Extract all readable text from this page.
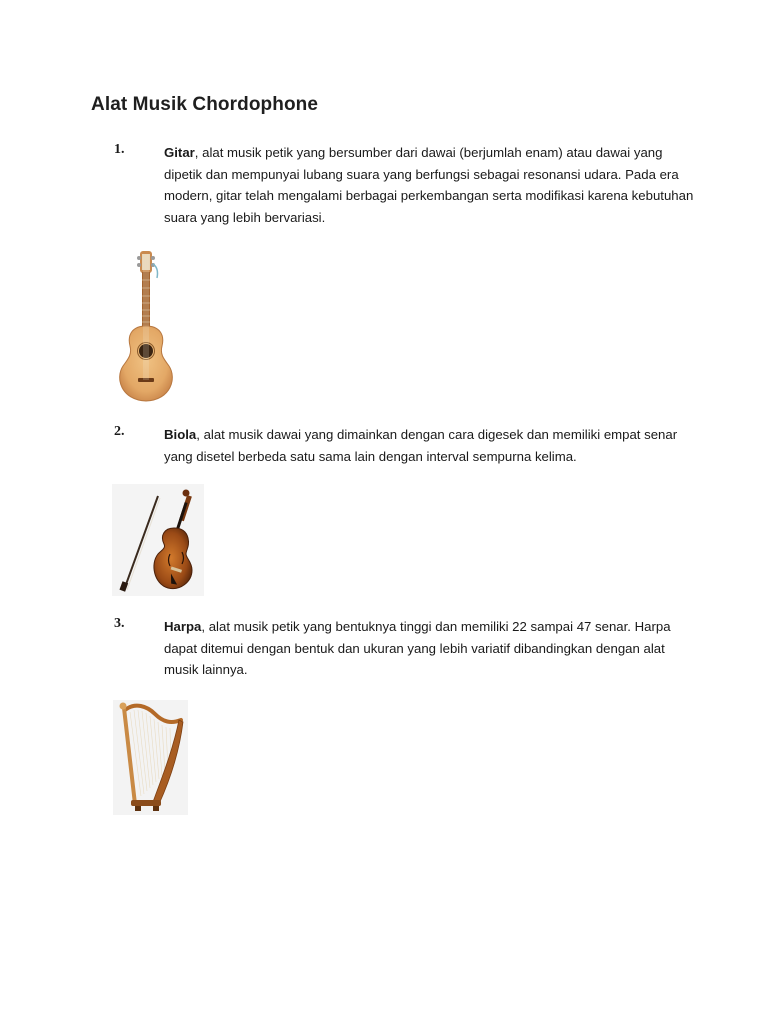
Alat Musik Chordophone
1.	Gitar, alat musik petik yang bersumber dari dawai (berjumlah enam) atau dawai yang dipetik dan mempunyai lubang suara yang berfungsi sebagai resonansi udara. Pada era modern, gitar telah mengalami berbagai perkembangan serta modifikasi karena kebutuhan suara yang lebih bervariasi.
2.	Biola, alat musik dawai yang dimainkan dengan cara digesek dan memiliki empat senar yang disetel berbeda satu sama lain dengan interval sempurna kelima.
3.	Harpa, alat musik petik yang bentuknya tinggi dan memiliki 22 sampai 47 senar. Harpa dapat ditemui dengan bentuk dan ukuran yang lebih variatif dibandingkan dengan alat musik lainnya.
